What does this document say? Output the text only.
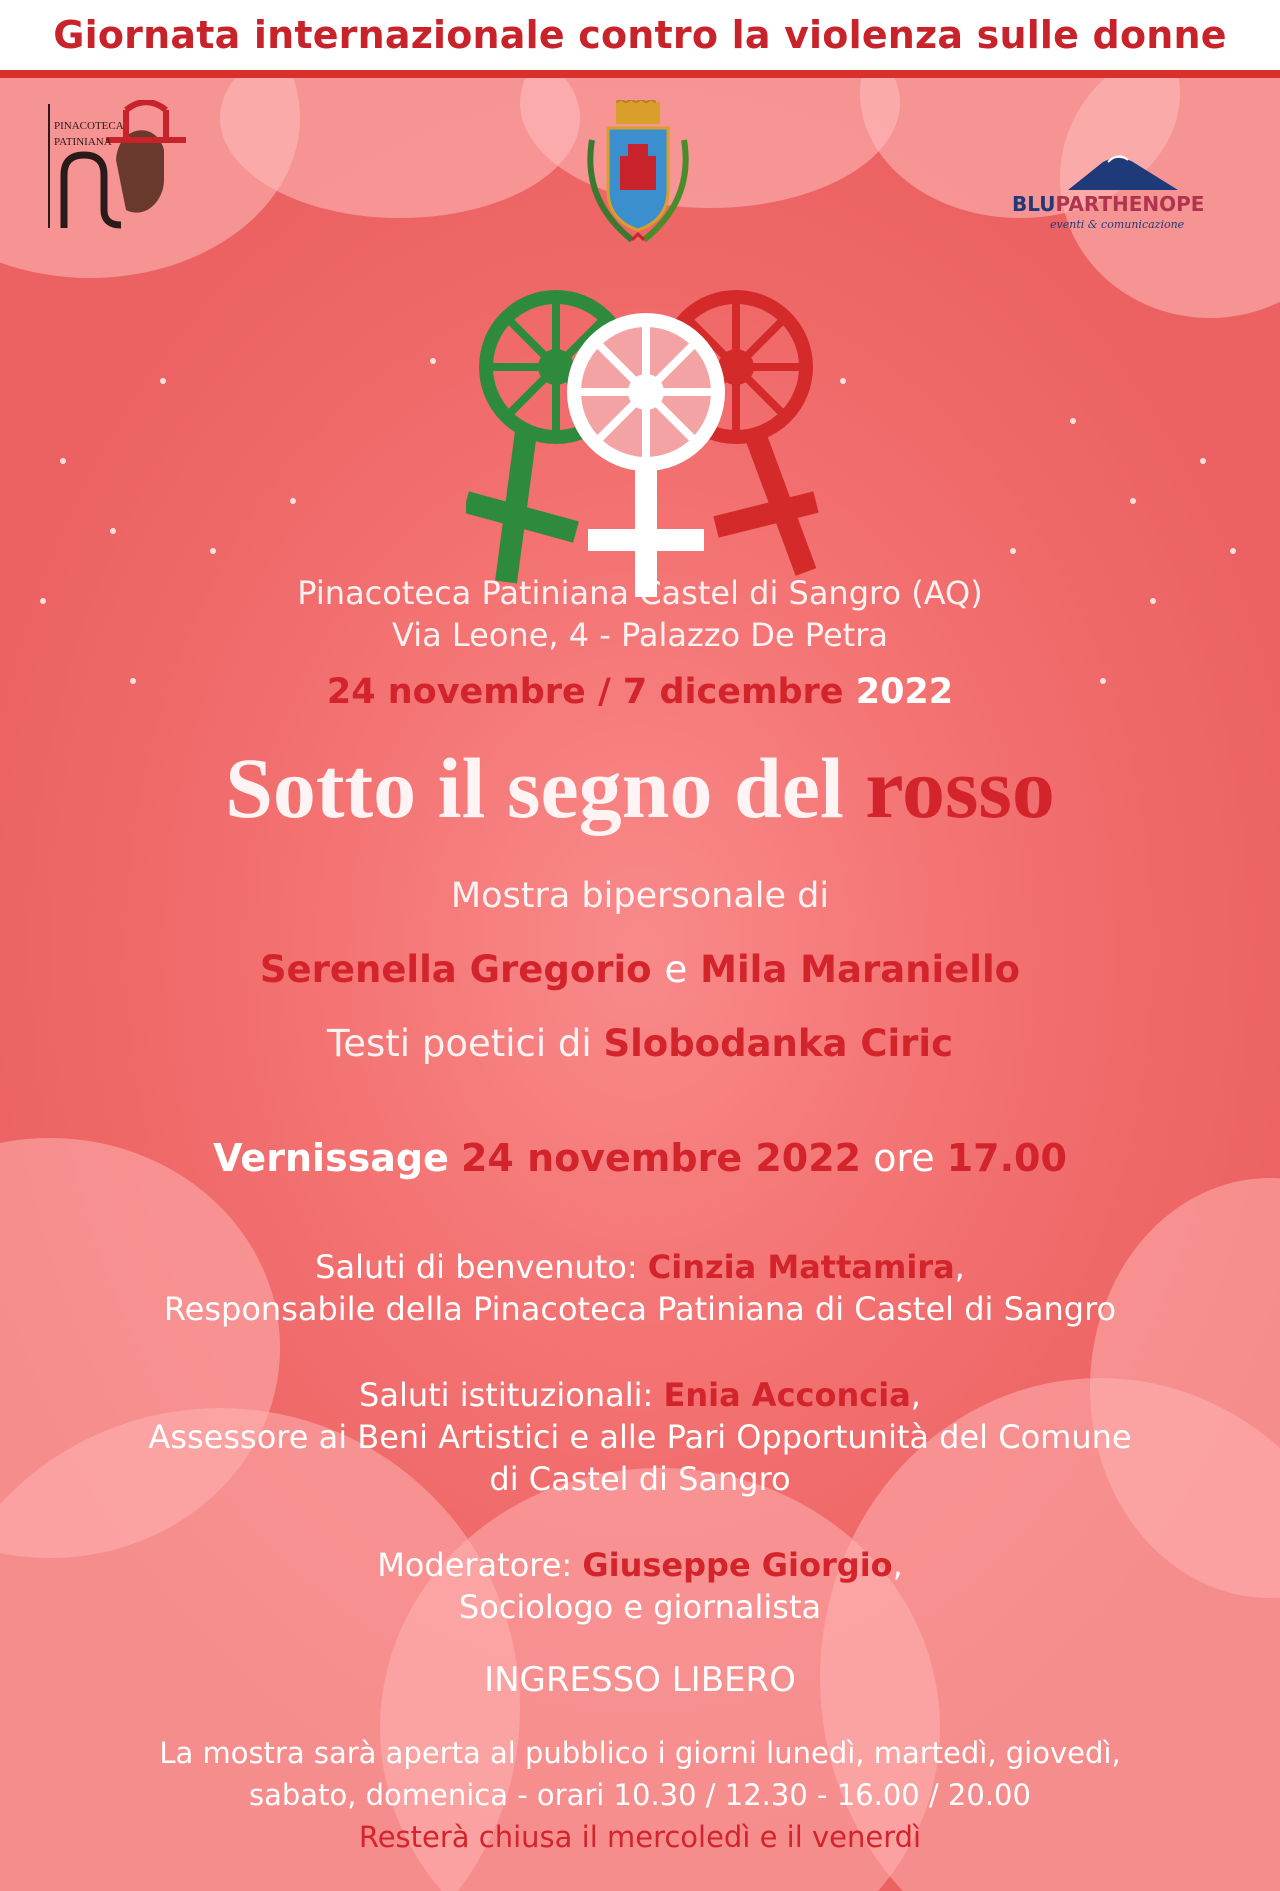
Giornata internazionale contro la violenza sulle donne
PINACOTECA
PATINIANA
BLUPARTHENOPE
eventi & comunicazione
Pinacoteca Patiniana Castel di Sangro (AQ)
Via Leone, 4 - Palazzo De Petra
24 novembre / 7 dicembre 2022
Sotto il segno del rosso
Mostra bipersonale di
Serenella Gregorio e Mila Maraniello
Testi poetici di Slobodanka Ciric
Vernissage 24 novembre 2022 ore 17.00
Saluti di benvenuto: Cinzia Mattamira,
Responsabile della Pinacoteca Patiniana di Castel di Sangro
Saluti istituzionali: Enia Acconcia,
Assessore ai Beni Artistici e alle Pari Opportunità del Comune
di Castel di Sangro
Moderatore: Giuseppe Giorgio,
Sociologo e giornalista
INGRESSO LIBERO
La mostra sarà aperta al pubblico i giorni lunedì, martedì, giovedì,
sabato, domenica - orari 10.30 / 12.30 - 16.00 / 20.00
Resterà chiusa il mercoledì e il venerdì
